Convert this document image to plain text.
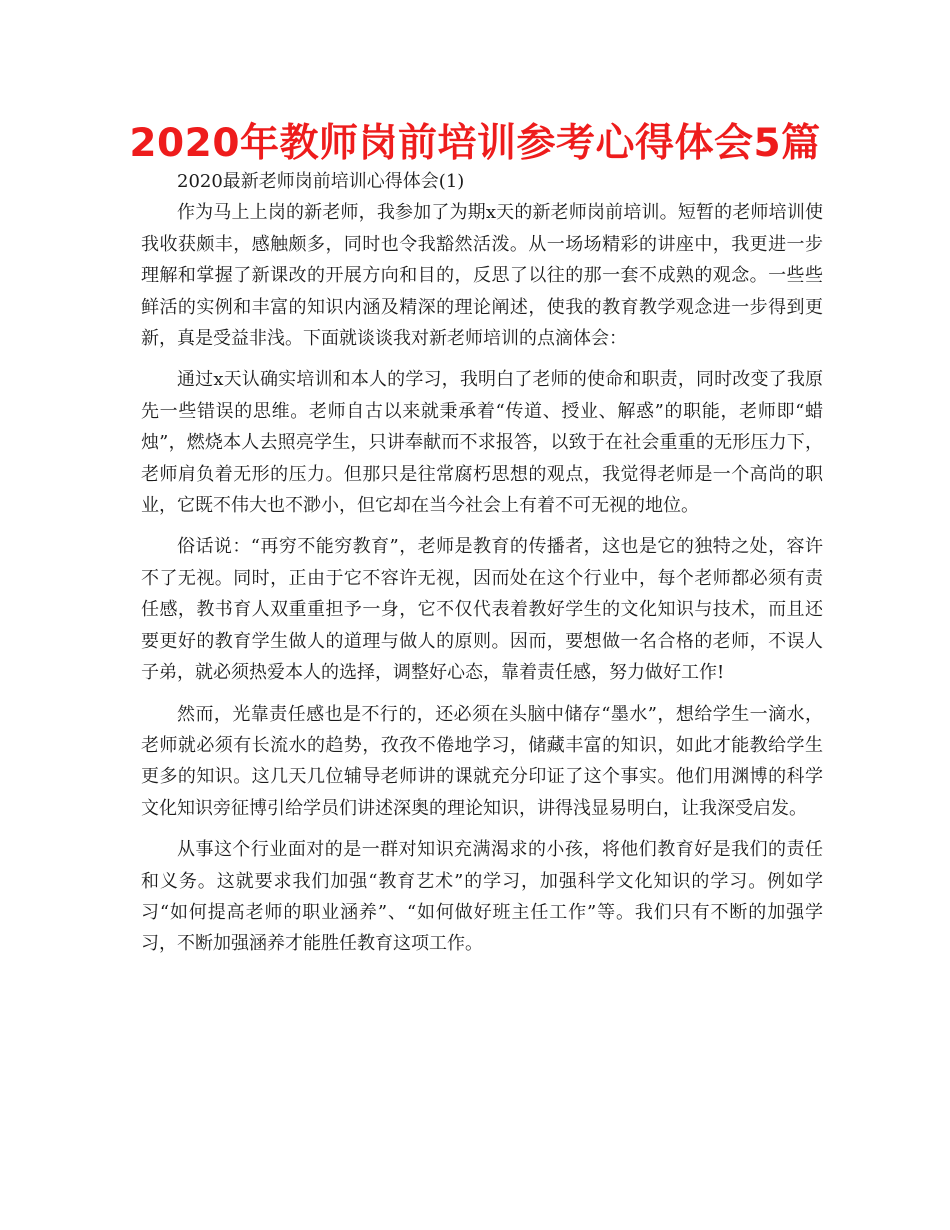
2020年教师岗前培训参考心得体会5篇

2020最新老师岗前培训心得体会(1)

作为马上上岗的新老师，我参加了为期x天的新老师岗前培训。短暂的老师培训使我收获颇丰，感触颇多，同时也令我豁然活泼。从一场场精彩的讲座中，我更进一步理解和掌握了新课改的开展方向和目的，反思了以往的那一套不成熟的观念。一些些鲜活的实例和丰富的知识内涵及精深的理论阐述，使我的教育教学观念进一步得到更新，真是受益非浅。下面就谈谈我对新老师培训的点滴体会：

通过x天认确实培训和本人的学习，我明白了老师的使命和职责，同时改变了我原先一些错误的思维。老师自古以来就秉承着“传道、授业、解惑”的职能，老师即“蜡烛”，燃烧本人去照亮学生，只讲奉献而不求报答，以致于在社会重重的无形压力下，老师肩负着无形的压力。但那只是往常腐朽思想的观点，我觉得老师是一个高尚的职业，它既不伟大也不渺小，但它却在当今社会上有着不可无视的地位。

俗话说：“再穷不能穷教育”，老师是教育的传播者，这也是它的独特之处，容许不了无视。同时，正由于它不容许无视，因而处在这个行业中，每个老师都必须有责任感，教书育人双重重担予一身，它不仅代表着教好学生的文化知识与技术，而且还要更好的教育学生做人的道理与做人的原则。因而，要想做一名合格的老师，不误人子弟，就必须热爱本人的选择，调整好心态，靠着责任感，努力做好工作!

然而，光靠责任感也是不行的，还必须在头脑中储存“墨水”，想给学生一滴水，老师就必须有长流水的趋势，孜孜不倦地学习，储藏丰富的知识，如此才能教给学生更多的知识。这几天几位辅导老师讲的课就充分印证了这个事实。他们用渊博的科学文化知识旁征博引给学员们讲述深奥的理论知识，讲得浅显易明白，让我深受启发。

从事这个行业面对的是一群对知识充满渴求的小孩，将他们教育好是我们的责任和义务。这就要求我们加强“教育艺术”的学习，加强科学文化知识的学习。例如学习“如何提高老师的职业涵养”、“如何做好班主任工作”等。我们只有不断的加强学习，不断加强涵养才能胜任教育这项工作。
